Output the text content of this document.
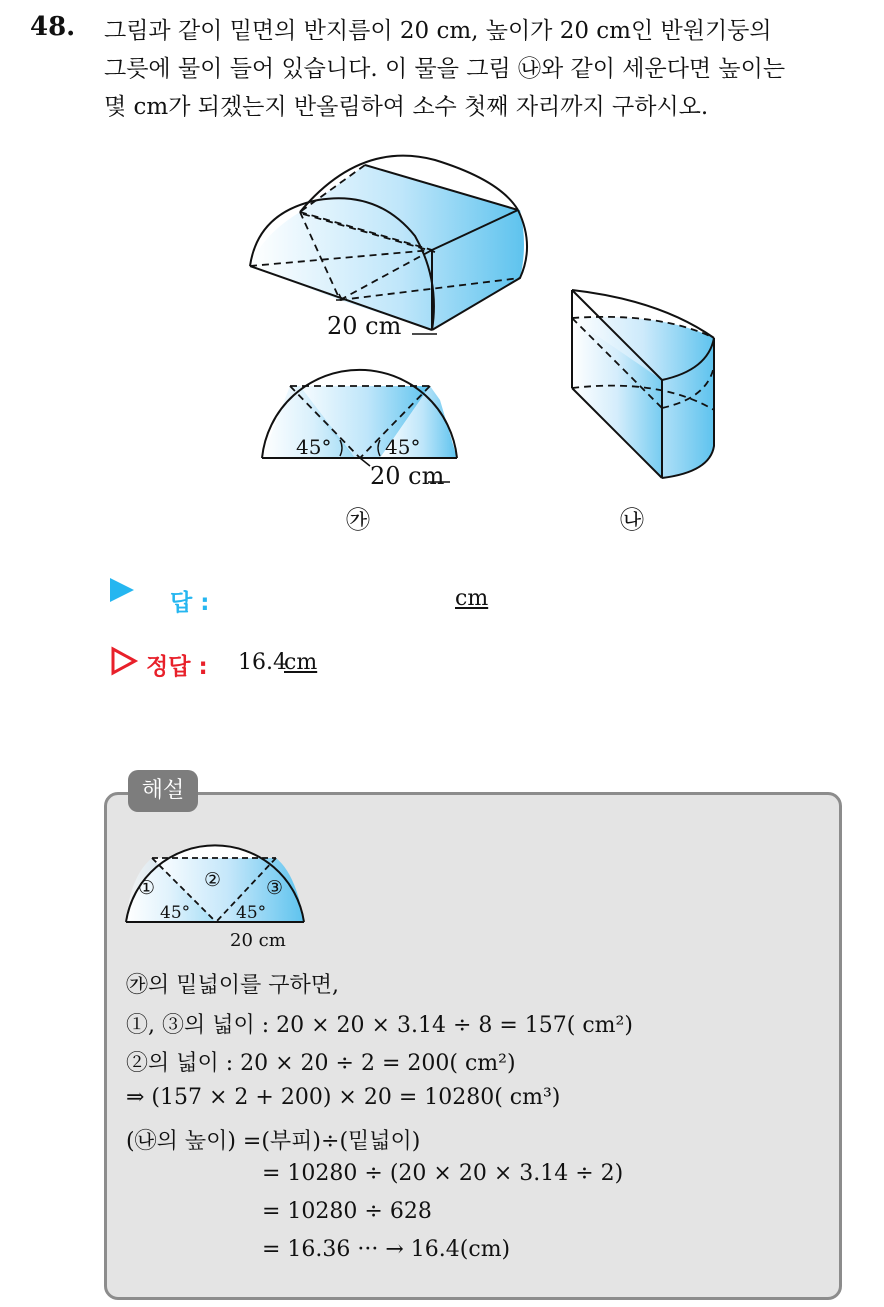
48. 그림과 같이 밑면의 반지름이 20 cm, 높이가 20 cm인 반원기둥의
그릇에 물이 들어 있습니다. 이 물을 그림 ㉯와 같이 세운다면 높이는
몇 cm가 되겠는지 반올림하여 소수 첫째 자리까지 구하시오.
20 cm
45°	45°
20 cm
㉮	㉯
답 :	cm
정답 : 16.4
cm
해설
①	② ③
45°	45°
20 cm
㉮의 밑넓이를 구하면,
①, ③의 넓이 : 20 × 20 × 3.14 ÷ 8 = 157( cm²)
②의 넓이 : 20 × 20 ÷ 2 = 200( cm²)
⇒ (157 × 2 + 200) × 20 = 10280( cm³)
(㉯의 높이) =(부피)÷(밑넓이)
= 10280 ÷ (20 × 20 × 3.14 ÷ 2)
= 10280 ÷ 628
= 16.36 ··· → 16.4(cm)
